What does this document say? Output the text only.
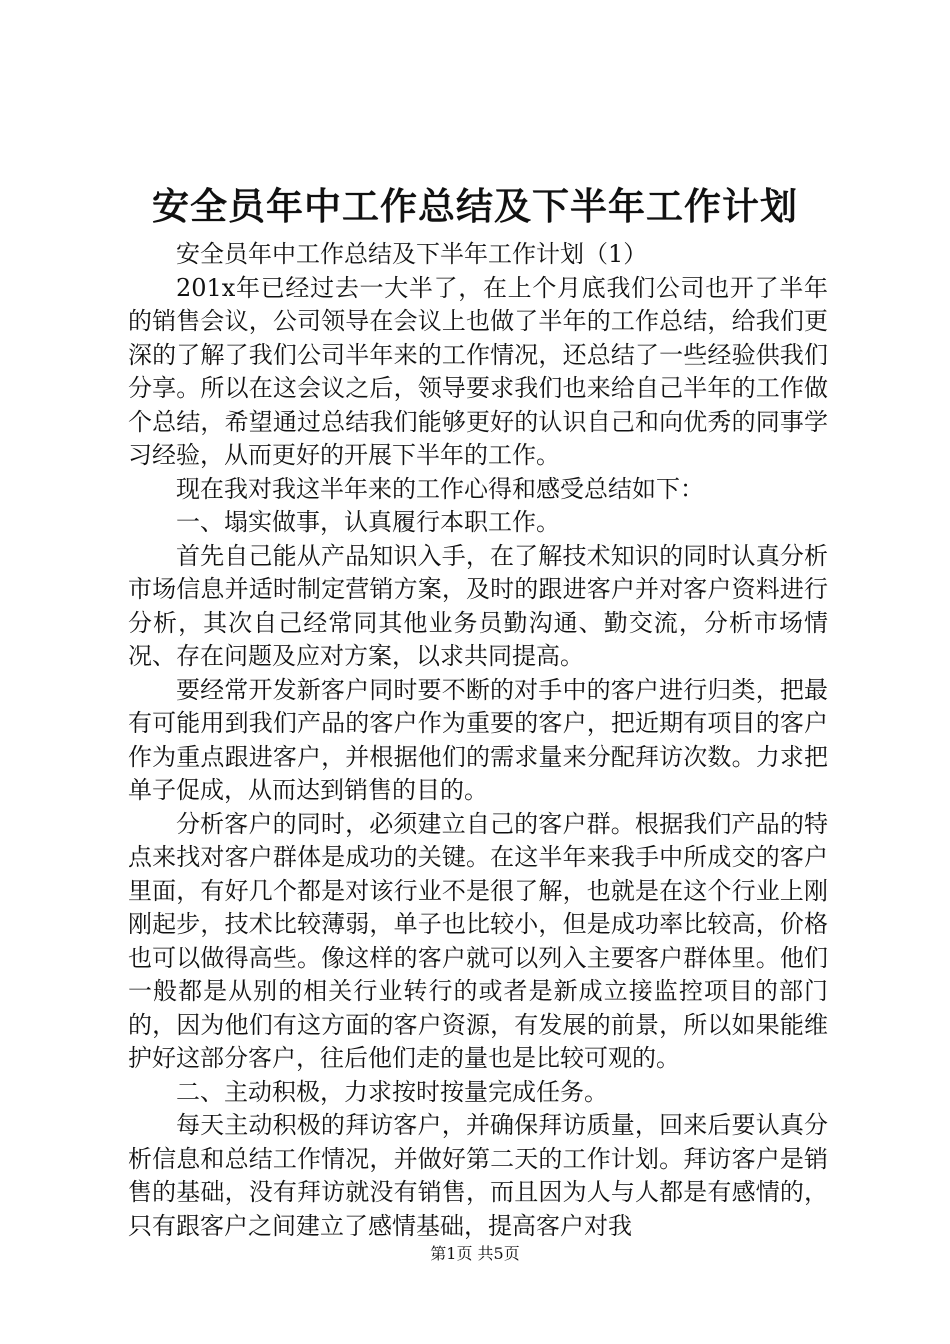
安全员年中工作总结及下半年工作计划

安全员年中工作总结及下半年工作计划（1）

201x年已经过去一大半了，在上个月底我们公司也开了半年的销售会议，公司领导在会议上也做了半年的工作总结，给我们更深的了解了我们公司半年来的工作情况，还总结了一些经验供我们分享。所以在这会议之后，领导要求我们也来给自己半年的工作做个总结，希望通过总结我们能够更好的认识自己和向优秀的同事学习经验，从而更好的开展下半年的工作。

现在我对我这半年来的工作心得和感受总结如下：

一、塌实做事，认真履行本职工作。

首先自己能从产品知识入手，在了解技术知识的同时认真分析市场信息并适时制定营销方案，及时的跟进客户并对客户资料进行分析，其次自己经常同其他业务员勤沟通、勤交流，分析市场情况、存在问题及应对方案，以求共同提高。

要经常开发新客户同时要不断的对手中的客户进行归类，把最有可能用到我们产品的客户作为重要的客户，把近期有项目的客户作为重点跟进客户，并根据他们的需求量来分配拜访次数。力求把单子促成，从而达到销售的目的。

分析客户的同时，必须建立自己的客户群。根据我们产品的特点来找对客户群体是成功的关键。在这半年来我手中所成交的客户里面，有好几个都是对该行业不是很了解，也就是在这个行业上刚刚起步，技术比较薄弱，单子也比较小，但是成功率比较高，价格也可以做得高些。像这样的客户就可以列入主要客户群体里。他们一般都是从别的相关行业转行的或者是新成立接监控项目的部门的，因为他们有这方面的客户资源，有发展的前景，所以如果能维护好这部分客户，往后他们走的量也是比较可观的。

二、主动积极，力求按时按量完成任务。

每天主动积极的拜访客户，并确保拜访质量，回来后要认真分析信息和总结工作情况，并做好第二天的工作计划。拜访客户是销售的基础，没有拜访就没有销售，而且因为人与人都是有感情的，只有跟客户之间建立了感情基础，提高客户对我

第1页 共5页
